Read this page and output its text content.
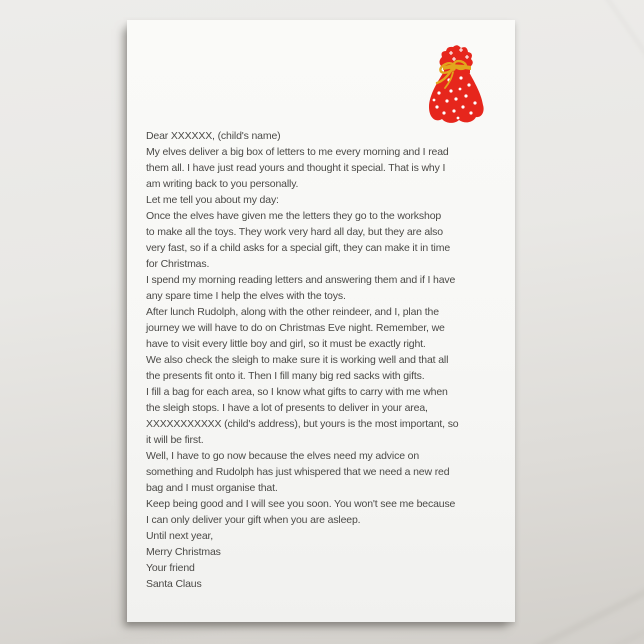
Dear XXXXXX, (child's name)
My elves deliver a big box of letters to me every morning and I read
them all. I have just read yours and thought it special. That is why I
am writing back to you personally.
Let me tell you about my day:
Once the elves have given me the letters they go to the workshop
to make all the toys. They work very hard all day, but they are also
very fast, so if a child asks for a special gift, they can make it in time
for Christmas.
I spend my morning reading letters and answering them and if I have
any spare time I help the elves with the toys.
After lunch Rudolph, along with the other reindeer, and I, plan the
journey we will have to do on Christmas Eve night. Remember, we
have to visit every little boy and girl, so it must be exactly right.
We also check the sleigh to make sure it is working well and that all
the presents fit onto it. Then I fill many big red sacks with gifts.
I fill a bag for each area, so I know what gifts to carry with me when
the sleigh stops. I have a lot of presents to deliver in your area,
XXXXXXXXXXX (child's address), but yours is the most important, so
it will be first.
Well, I have to go now because the elves need my advice on
something and Rudolph has just whispered that we need a new red
bag and I must organise that.
Keep being good and I will see you soon. You won't see me because
I can only deliver your gift when you are asleep.
Until next year,
Merry Christmas
Your friend
Santa Claus
